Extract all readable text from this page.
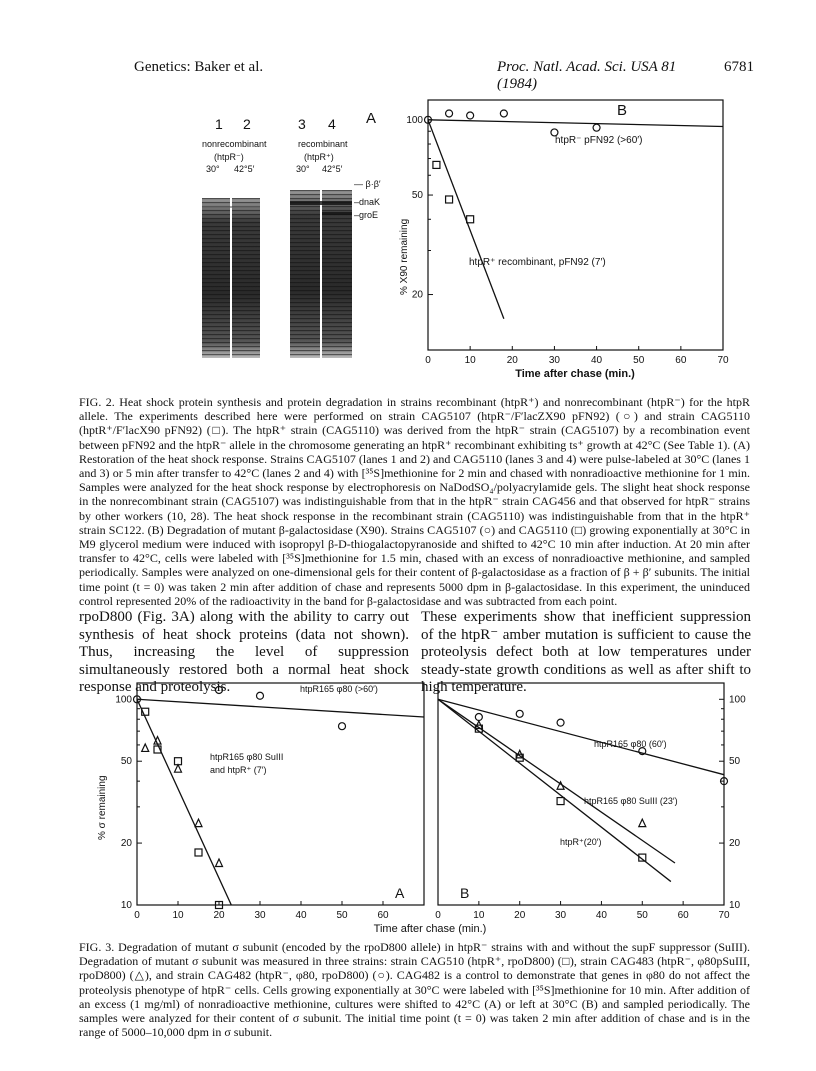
Genetics: Baker et al.	Proc. Natl. Acad. Sci. USA 81 (1984)
6781
1 2	3 4 A
nonrecombinant
(htpR⁻)
30° 42°5′
recombinant
(htpR⁺)
30° 42°5′
— β·β′
–dnaK
–groE
0	10	20	30	40	50	60	70
100
50
20
B
% X90 remaining
Time after chase (min.)
htpR⁻ pFN92 (>60′)
htpR⁺ recombinant, pFN92 (7′)
FIG. 2. Heat shock protein synthesis and protein degradation in strains recombinant (htpR⁺) and nonrecombinant (htpR⁻) for the htpR allele. The experiments described here were performed on strain CAG5107 (htpR⁻/F′lacZX90 pFN92) (○) and strain CAG5110 (hptR⁺/F′lacX90 pFN92) (□). The htpR⁺ strain (CAG5110) was derived from the htpR⁻ strain (CAG5107) by a recombination event between pFN92 and the htpR⁻ allele in the chromosome generating an htpR⁺ recombinant exhibiting ts⁺ growth at 42°C (See Table 1). (A) Restoration of the heat shock response. Strains CAG5107 (lanes 1 and 2) and CAG5110 (lanes 3 and 4) were pulse-labeled at 30°C (lanes 1 and 3) or 5 min after transfer to 42°C (lanes 2 and 4) with [³⁵S]methionine for 2 min and chased with nonradioactive methionine for 1 min. Samples were analyzed for the heat shock response by electrophoresis on NaDodSO₄/polyacrylamide gels. The slight heat shock response in the nonrecombinant strain (CAG5107) was indistinguishable from that in the htpR⁻ strain CAG456 and that observed for htpR⁻ strains by other workers (10, 28). The heat shock response in the recombinant strain (CAG5110) was indistinguishable from that in the htpR⁺ strain SC122. (B) Degradation of mutant β-galactosidase (X90). Strains CAG5107 (○) and CAG5110 (□) growing exponentially at 30°C in M9 glycerol medium were induced with isopropyl β-D-thiogalactopyranoside and shifted to 42°C 10 min after induction. At 20 min after transfer to 42°C, cells were labeled with [³⁵S]methionine for 1.5 min, chased with an excess of nonradioactive methionine, and sampled periodically. Samples were analyzed on one-dimensional gels for their content of β-galactosidase as a fraction of β + β′ subunits. The initial time point (t = 0) was taken 2 min after addition of chase and represents 5000 dpm in β-galactosidase. In this experiment, the uninduced control represented 20% of the radioactivity in the band for β-galactosidase and was subtracted from each point.
rpoD800 (Fig. 3A) along with the ability to carry out synthesis of heat shock proteins (data not shown). Thus, increasing the level of suppression simultaneously restored both a normal heat shock response and proteolysis.
These experiments show that inefficient suppression of the htpR⁻ amber mutation is sufficient to cause the proteolysis defect both at low temperatures under steady-state growth conditions as well as after shift to high temperature.
0	10	20	30	40	50	60
100
50
20
10
0	10	20	30	40	50	60	70
100
50
20
10
% σ remaining
Time after chase (min.)
A	B
htpR165 φ80 (>60′)
htpR165 φ80 SuIII
and htpR⁺ (7′)
htpR165 φ80 (60′)
htpR165 φ80 SuIII (23′)
htpR⁺(20′)
FIG. 3. Degradation of mutant σ subunit (encoded by the rpoD800 allele) in htpR⁻ strains with and without the supF suppressor (SuIII). Degradation of mutant σ subunit was measured in three strains: strain CAG510 (htpR⁺, rpoD800) (□), strain CAG483 (htpR⁻, φ80pSuIII, rpoD800) (△), and strain CAG482 (htpR⁻, φ80, rpoD800) (○). CAG482 is a control to demonstrate that genes in φ80 do not affect the proteolysis phenotype of htpR⁻ cells. Cells growing exponentially at 30°C were labeled with [³⁵S]methionine for 10 min. After addition of an excess (1 mg/ml) of nonradioactive methionine, cultures were shifted to 42°C (A) or left at 30°C (B) and sampled periodically. The samples were analyzed for their content of σ subunit. The initial time point (t = 0) was taken 2 min after addition of chase and is in the range of 5000–10,000 dpm in σ subunit.
